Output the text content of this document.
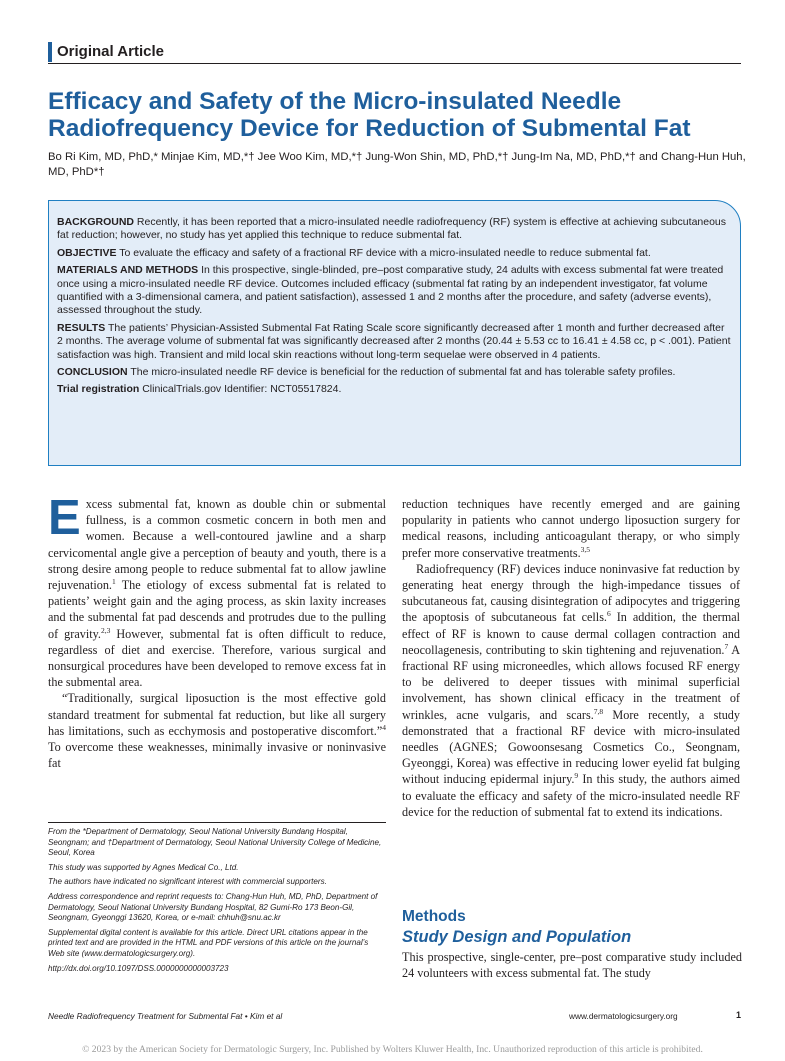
Original Article
Efficacy and Safety of the Micro-insulated Needle Radiofrequency Device for Reduction of Submental Fat
Bo Ri Kim, MD, PhD,* Minjae Kim, MD,*† Jee Woo Kim, MD,*† Jung-Won Shin, MD, PhD,*† Jung-Im Na, MD, PhD,*† and Chang-Hun Huh, MD, PhD*†

BACKGROUND Recently, it has been reported that a micro-insulated needle radiofrequency (RF) system is effective at achieving subcutaneous fat reduction; however, no study has yet applied this technique to reduce submental fat.

OBJECTIVE To evaluate the efficacy and safety of a fractional RF device with a micro-insulated needle to reduce submental fat.

MATERIALS AND METHODS In this prospective, single-blinded, pre–post comparative study, 24 adults with excess submental fat were treated once using a micro-insulated needle RF device. Outcomes included efficacy (submental fat rating by an independent investigator, fat volume quantified with a 3-dimensional camera, and patient satisfaction), assessed 1 and 2 months after the procedure, and safety (adverse events), assessed throughout the study.

RESULTS The patients’ Physician-Assisted Submental Fat Rating Scale score significantly decreased after 1 month and further decreased after 2 months. The average volume of submental fat was significantly decreased after 2 months (20.44 ± 5.53 cc to 16.41 ± 4.58 cc, p < .001). Patient satisfaction was high. Transient and mild local skin reactions without long-term sequelae were observed in 4 patients.

CONCLUSION The micro-insulated needle RF device is beneficial for the reduction of submental fat and has tolerable safety profiles.

Trial registration ClinicalTrials.gov Identifier: NCT05517824.

Excess submental fat, known as double chin or submental fullness, is a common cosmetic concern in both men and women. Because a well-contoured jawline and a sharp cervicomental angle give a perception of beauty and youth, there is a strong desire among people to reduce submental fat to allow jawline rejuvenation.$^1$ The etiology of excess submental fat is related to patients’ weight gain and the aging process, as skin laxity increases and the submental fat pad descends and protrudes due to the pulling of gravity.$^{2,3}$ However, submental fat is often difficult to reduce, regardless of diet and exercise. Therefore, various surgical and nonsurgical procedures have been developed to remove excess fat in the submental area.

“Traditionally, surgical liposuction is the most effective gold standard treatment for submental fat reduction, but like all surgery has limitations, such as ecchymosis and postoperative discomfort.”$^4$ To overcome these weaknesses, minimally invasive or noninvasive fat

From the *Department of Dermatology, Seoul National University Bundang Hospital, Seongnam; and †Department of Dermatology, Seoul National University College of Medicine, Seoul, Korea

This study was supported by Agnes Medical Co., Ltd.

The authors have indicated no significant interest with commercial supporters.

Address correspondence and reprint requests to: Chang-Hun Huh, MD, PhD, Department of Dermatology, Seoul National University Bundang Hospital, 82 Gumi-Ro 173 Beon-Gil, Seongnam, Gyeonggi 13620, Korea, or e-mail: chhuh@snu.ac.kr

Supplemental digital content is available for this article. Direct URL citations appear in the printed text and are provided in the HTML and PDF versions of this article on the journal’s Web site (www.dermatologicsurgery.org).

http://dx.doi.org/10.1097/DSS.0000000000003723

reduction techniques have recently emerged and are gaining popularity in patients who cannot undergo liposuction surgery for medical reasons, including anticoagulant therapy, or who simply prefer more conservative treatments.$^{3,5}$

Radiofrequency (RF) devices induce noninvasive fat reduction by generating heat energy through the high-impedance tissues of subcutaneous fat, causing disintegration of adipocytes and triggering the apoptosis of subcutaneous fat cells.$^6$ In addition, the thermal effect of RF is known to cause dermal collagen contraction and neocollagenesis, contributing to skin tightening and rejuvenation.$^7$ A fractional RF using microneedles, which allows focused RF energy to be delivered to deeper tissues with minimal superficial involvement, has shown clinical efficacy in the treatment of wrinkles, acne vulgaris, and scars.$^{7,8}$ More recently, a study demonstrated that a fractional RF device with micro-insulated needles (AGNES; Gowoonsesang Cosmetics Co., Seongnam, Gyeonggi, Korea) was effective in reducing lower eyelid fat bulging without inducing epidermal injury.$^9$ In this study, the authors aimed to evaluate the efficacy and safety of the micro-insulated needle RF device for the reduction of submental fat to extend its indications.

Methods
Study Design and Population
This prospective, single-center, pre–post comparative study included 24 volunteers with excess submental fat. The study
Needle Radiofrequency Treatment for Submental Fat • Kim et al	www.dermatologicsurgery.org	1
© 2023 by the American Society for Dermatologic Surgery, Inc. Published by Wolters Kluwer Health, Inc. Unauthorized reproduction of this article is prohibited.
